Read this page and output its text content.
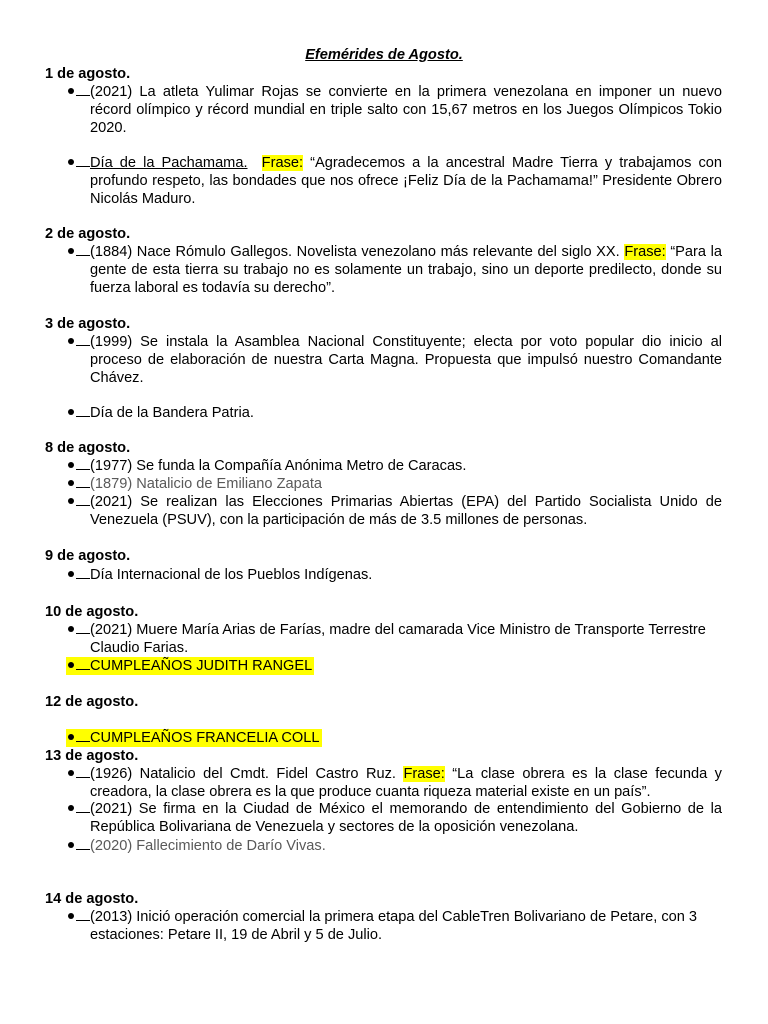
Efemérides de Agosto.
1 de agosto.
(2021) La atleta Yulimar Rojas se convierte en la primera venezolana en imponer un nuevo récord olímpico y récord mundial en triple salto con 15,67 metros en los Juegos Olímpicos Tokio 2020.
Día de la Pachamama. Frase: “Agradecemos a la ancestral Madre Tierra y trabajamos con profundo respeto, las bondades que nos ofrece ¡Feliz Día de la Pachamama!” Presidente Obrero Nicolás Maduro.
2 de agosto.
(1884) Nace Rómulo Gallegos. Novelista venezolano más relevante del siglo XX. Frase: “Para la gente de esta tierra su trabajo no es solamente un trabajo, sino un deporte predilecto, donde su fuerza laboral es todavía su derecho”.
3 de agosto.
(1999) Se instala la Asamblea Nacional Constituyente; electa por voto popular dio inicio al proceso de elaboración de nuestra Carta Magna. Propuesta que impulsó nuestro Comandante Chávez.
Día de la Bandera Patria.
8 de agosto.
(1977) Se funda la Compañía Anónima Metro de Caracas.
(1879) Natalicio de Emiliano Zapata
(2021) Se realizan las Elecciones Primarias Abiertas (EPA) del Partido Socialista Unido de Venezuela (PSUV), con la participación de más de 3.5 millones de personas.
9 de agosto.
Día Internacional de los Pueblos Indígenas.
10 de agosto.
(2021) Muere María Arias de Farías, madre del camarada Vice Ministro de Transporte Terrestre Claudio Farias.
CUMPLEAÑOS JUDITH RANGEL
12 de agosto.
CUMPLEAÑOS FRANCELIA COLL
13 de agosto.
(1926) Natalicio del Cmdt. Fidel Castro Ruz. Frase: “La clase obrera es la clase fecunda y creadora, la clase obrera es la que produce cuanta riqueza material existe en un país”.
(2021) Se firma en la Ciudad de México el memorando de entendimiento del Gobierno de la República Bolivariana de Venezuela y sectores de la oposición venezolana.
(2020) Fallecimiento de Darío Vivas.
14 de agosto.
(2013) Inició operación comercial la primera etapa del CableTren Bolivariano de Petare, con 3 estaciones: Petare II, 19 de Abril y 5 de Julio.
